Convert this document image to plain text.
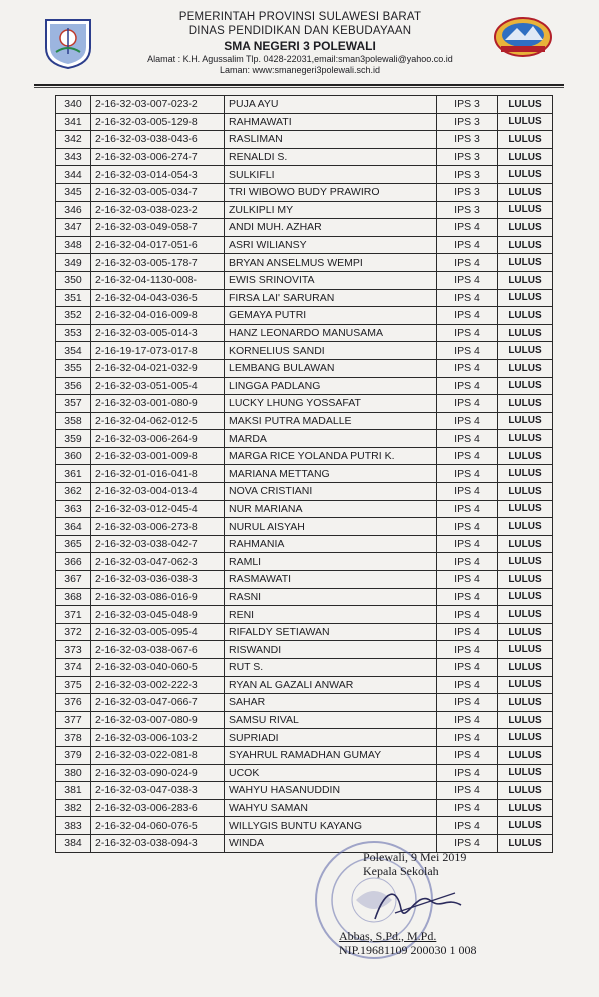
PEMERINTAH PROVINSI SULAWESI BARAT
DINAS PENDIDIKAN DAN KEBUDAYAAN
SMA NEGERI 3 POLEWALI
Alamat : K.H. Agussalim Tlp. 0428-22031,email:sman3polewali@yahoo.co.id
Laman: www:smanegeri3polewali.sch.id
340	2-16-32-03-007-023-2	PUJA AYU	IPS 3	LULUS
341	2-16-32-03-005-129-8	RAHMAWATI	IPS 3	LULUS
342	2-16-32-03-038-043-6	RASLIMAN	IPS 3	LULUS
343	2-16-32-03-006-274-7	RENALDI S.	IPS 3	LULUS
344	2-16-32-03-014-054-3	SULKIFLI	IPS 3	LULUS
345	2-16-32-03-005-034-7	TRI WIBOWO BUDY PRAWIRO	IPS 3	LULUS
346	2-16-32-03-038-023-2	ZULKIPLI MY	IPS 3	LULUS
347	2-16-32-03-049-058-7	ANDI MUH. AZHAR	IPS 4	LULUS
348	2-16-32-04-017-051-6	ASRI WILIANSY	IPS 4	LULUS
349	2-16-32-03-005-178-7	BRYAN ANSELMUS WEMPI	IPS 4	LULUS
350	2-16-32-04-1130-008-	EWIS SRINOVITA	IPS 4	LULUS
351	2-16-32-04-043-036-5	FIRSA LAI' SARURAN	IPS 4	LULUS
352	2-16-32-04-016-009-8	GEMAYA PUTRI	IPS 4	LULUS
353	2-16-32-03-005-014-3	HANZ LEONARDO MANUSAMA	IPS 4	LULUS
354	2-16-19-17-073-017-8	KORNELIUS SANDI	IPS 4	LULUS
355	2-16-32-04-021-032-9	LEMBANG BULAWAN	IPS 4	LULUS
356	2-16-32-03-051-005-4	LINGGA PADLANG	IPS 4	LULUS
357	2-16-32-03-001-080-9	LUCKY LHUNG YOSSAFAT	IPS 4	LULUS
358	2-16-32-04-062-012-5	MAKSI PUTRA MADALLE	IPS 4	LULUS
359	2-16-32-03-006-264-9	MARDA	IPS 4	LULUS
360	2-16-32-03-001-009-8	MARGA RICE YOLANDA PUTRI K.	IPS 4	LULUS
361	2-16-32-01-016-041-8	MARIANA METTANG	IPS 4	LULUS
362	2-16-32-03-004-013-4	NOVA CRISTIANI	IPS 4	LULUS
363	2-16-32-03-012-045-4	NUR MARIANA	IPS 4	LULUS
364	2-16-32-03-006-273-8	NURUL AISYAH	IPS 4	LULUS
365	2-16-32-03-038-042-7	RAHMANIA	IPS 4	LULUS
366	2-16-32-03-047-062-3	RAMLI	IPS 4	LULUS
367	2-16-32-03-036-038-3	RASMAWATI	IPS 4	LULUS
368	2-16-32-03-086-016-9	RASNI	IPS 4	LULUS
371	2-16-32-03-045-048-9	RENI	IPS 4	LULUS
372	2-16-32-03-005-095-4	RIFALDY SETIAWAN	IPS 4	LULUS
373	2-16-32-03-038-067-6	RISWANDI	IPS 4	LULUS
374	2-16-32-03-040-060-5	RUT S.	IPS 4	LULUS
375	2-16-32-03-002-222-3	RYAN AL GAZALI ANWAR	IPS 4	LULUS
376	2-16-32-03-047-066-7	SAHAR	IPS 4	LULUS
377	2-16-32-03-007-080-9	SAMSU RIVAL	IPS 4	LULUS
378	2-16-32-03-006-103-2	SUPRIADI	IPS 4	LULUS
379	2-16-32-03-022-081-8	SYAHRUL RAMADHAN GUMAY	IPS 4	LULUS
380	2-16-32-03-090-024-9	UCOK	IPS 4	LULUS
381	2-16-32-03-047-038-3	WAHYU HASANUDDIN	IPS 4	LULUS
382	2-16-32-03-006-283-6	WAHYU SAMAN	IPS 4	LULUS
383	2-16-32-04-060-076-5	WILLYGIS BUNTU KAYANG	IPS 4	LULUS
384	2-16-32-03-038-094-3	WINDA	IPS 4	LULUS
Polewali, 9 Mei 2019
Kepala Sekolah
Abbas, S.Pd., M.Pd.
NIP.19681109 200030 1 008
